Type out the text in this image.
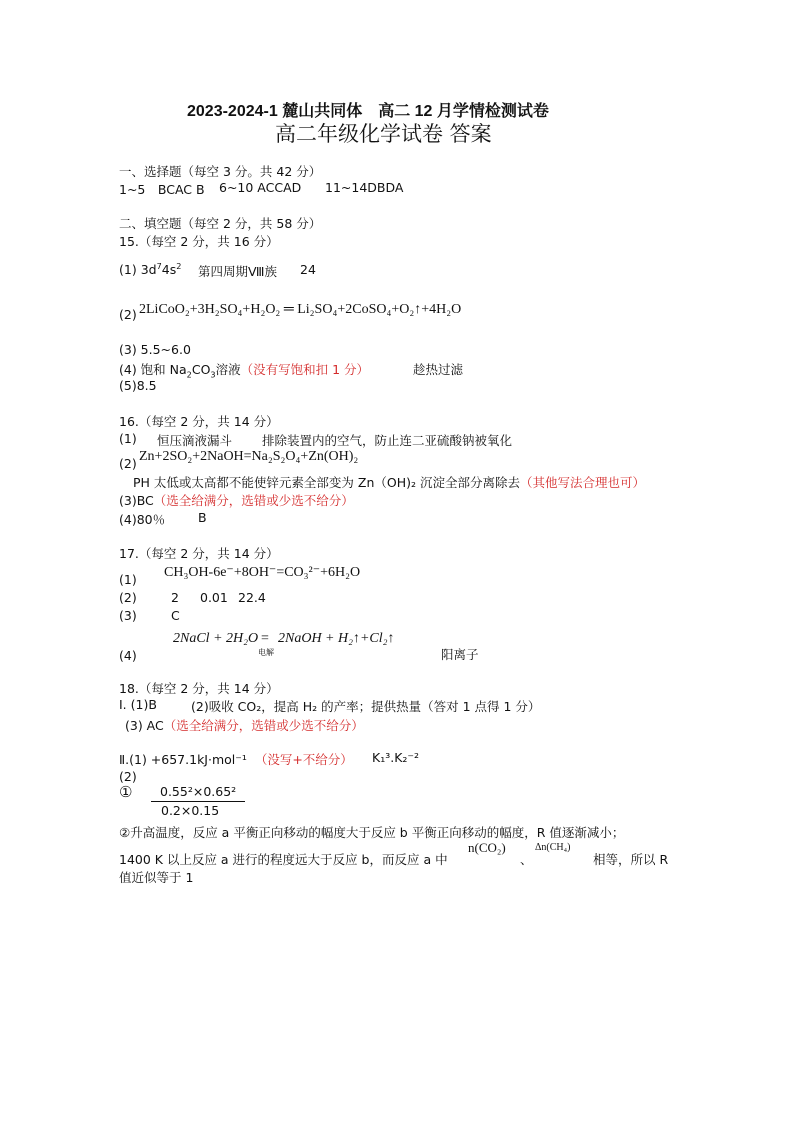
2023-2024-1 麓山共同体　高二 12 月学情检测试卷
高二年级化学试卷 答案
一、选择题（每空 3 分。共 42 分）
1~5　BCAC B 6~10 ACCAD 11~14DBDA
二、填空题（每空 2 分，共 58 分）
15.（每空 2 分，共 16 分）
(1) $3d^74s^2$ 第四周期Ⅷ族 24
(2) 2LiCoO₂+3H₂SO₄+H₂O₂ ═ Li₂SO₄+2CoSO₄+O₂↑+4H₂O
(3) 5.5~6.0
(4) 饱和 $Na_2CO_3$溶液（没有写饱和扣 1 分）	趁热过滤
(5)8.5
16.（每空 2 分，共 14 分）
(1) 恒压滴液漏斗 排除装置内的空气，防止连二亚硫酸钠被氧化
(2) Zn+2SO₂+2NaOH=Na₂S₂O₄+Zn(OH)₂
PH 太低或太高都不能使锌元素全部变为 Zn（OH)₂ 沉淀全部分离除去（其他写法合理也可）
(3)BC（选全给满分，选错或少选不给分）
(4)80％	B
17.（每空 2 分，共 14 分）
(1) CH₃OH-6e⁻+8OH⁻=CO₃²⁻+6H₂O
(2)	2 0.01 22.4
(3)	C
(4)
2NaCl + 2H₂O =
电解
2NaOH + H₂↑+Cl₂↑
阳离子
18.（每空 2 分，共 14 分）
Ⅰ. (1)B	(2)吸收 CO₂，提高 H₂ 的产率；提供热量（答对 1 点得 1 分）
(3) AC（选全给满分，选错或少选不给分）
Ⅱ.(1) +657.1kJ·mol⁻¹ （没写+不给分） K₁³.K₂⁻²
(2)
① 0.55²×0.65²
0.2×0.15
②升高温度，反应 a 平衡正向移动的幅度大于反应 b 平衡正向移动的幅度，R 值逐渐减小；
1400 K 以上反应 a 进行的程度远大于反应 b，而反应 a 中
n(CO₂)
、
Δn(CH₄)
相等，所以 R
值近似等于 1
